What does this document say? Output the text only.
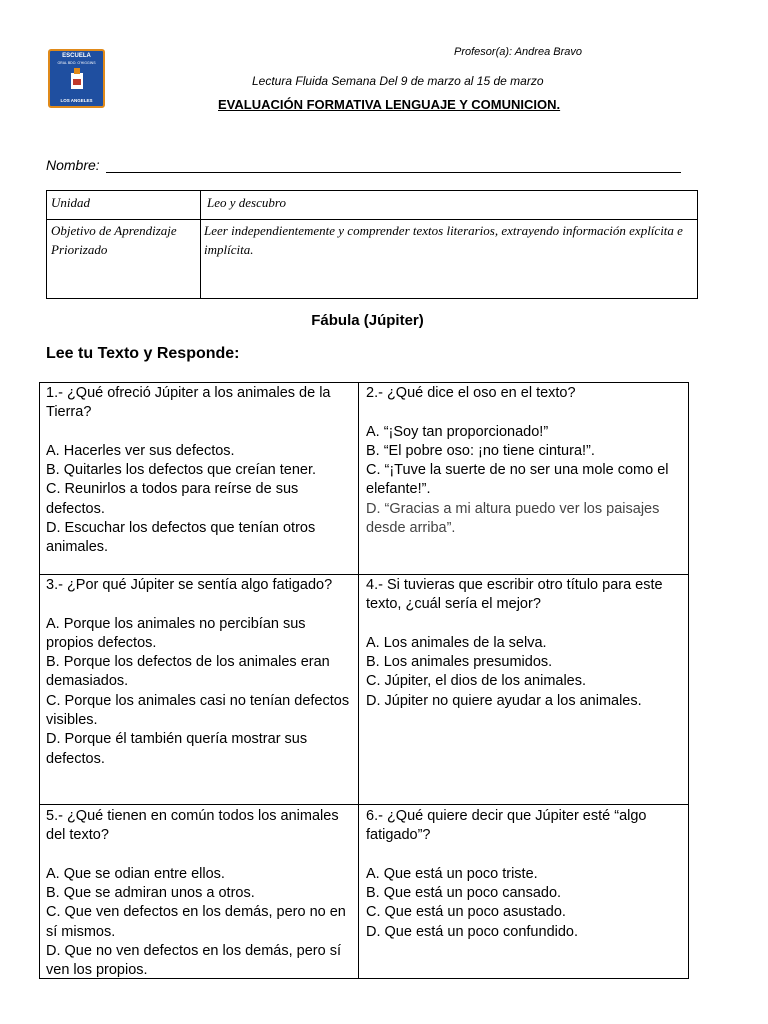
ESCUELA
GRAL BDO. O'HIGGINS
LOS ANGELES
Profesor(a): Andrea Bravo
Lectura Fluida Semana Del 9 de marzo al 15 de marzo
EVALUACIÓN FORMATIVA LENGUAJE Y COMUNICION.
Nombre:
Unidad	Leo y descubro
Objetivo de Aprendizaje Priorizado
Leer independientemente y comprender textos literarios, extrayendo información explícita e implícita.
Fábula (Júpiter)
Lee tu Texto y Responde:

1.- ¿Qué ofreció Júpiter a los animales de la Tierra?

A. Hacerles ver sus defectos.

B. Quitarles los defectos que creían tener.

C. Reunirlos a todos para reírse de sus defectos.

D. Escuchar los defectos que tenían otros animales.

2.- ¿Qué dice el oso en el texto?

A. “¡Soy tan proporcionado!”

B. “El pobre oso: ¡no tiene cintura!”.

C. “¡Tuve la suerte de no ser una mole como el elefante!”.

D. “Gracias a mi altura puedo ver los paisajes desde arriba”.

3.- ¿Por qué Júpiter se sentía algo fatigado?

A. Porque los animales no percibían sus propios defectos.

B. Porque los defectos de los animales eran demasiados.

C. Porque los animales casi no tenían defectos visibles.

D. Porque él también quería mostrar sus defectos.

4.- Si tuvieras que escribir otro título para este texto, ¿cuál sería el mejor?

A. Los animales de la selva.

B. Los animales presumidos.

C. Júpiter, el dios de los animales.

D. Júpiter no quiere ayudar a los animales.

5.- ¿Qué tienen en común todos los animales del texto?

A. Que se odian entre ellos.

B. Que se admiran unos a otros.

C. Que ven defectos en los demás, pero no en sí mismos.

D. Que no ven defectos en los demás, pero sí ven los propios.

6.- ¿Qué quiere decir que Júpiter esté “algo fatigado”?

A. Que está un poco triste.

B. Que está un poco cansado.

C. Que está un poco asustado.

D. Que está un poco confundido.
